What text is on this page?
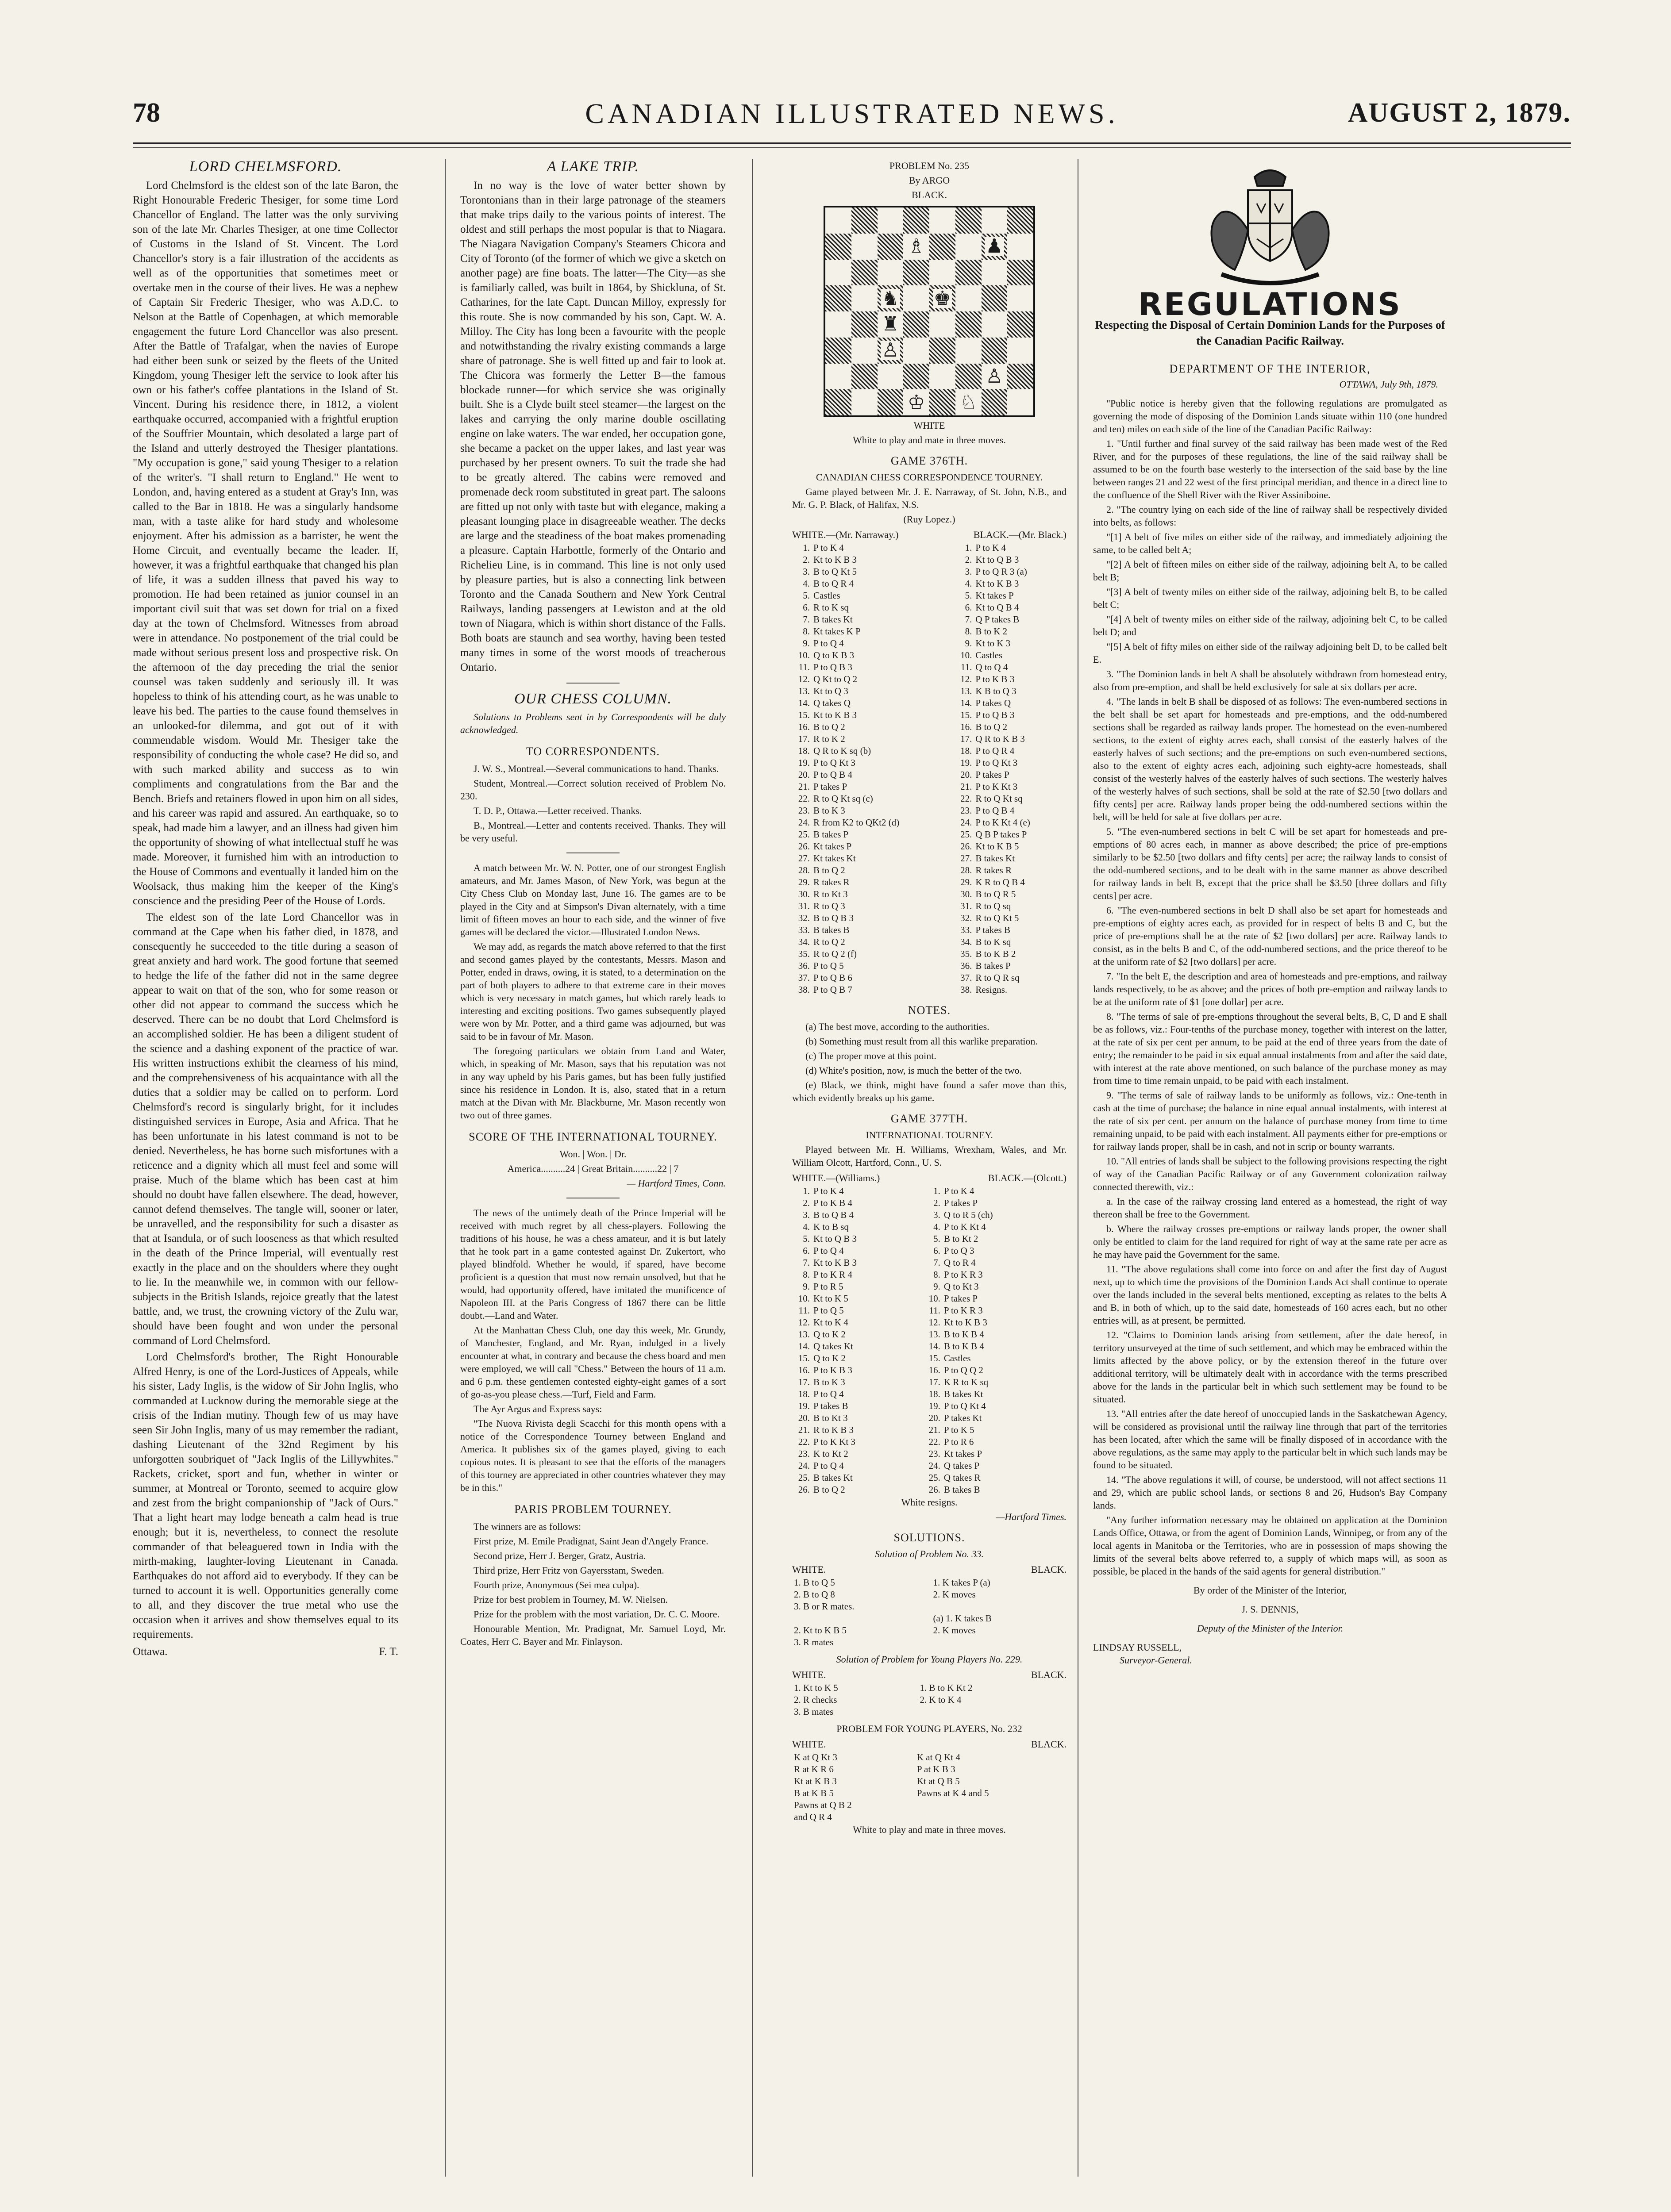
78	CANADIAN ILLUSTRATED NEWS.	AUGUST 2, 1879.
LORD CHELMSFORD.

Lord Chelmsford is the eldest son of the late Baron, the Right Honourable Frederic Thesiger, for some time Lord Chancellor of England. The latter was the only surviving son of the late Mr. Charles Thesiger, at one time Collector of Customs in the Island of St. Vincent. The Lord Chancellor's story is a fair illustration of the accidents as well as of the opportunities that sometimes meet or overtake men in the course of their lives. He was a nephew of Captain Sir Frederic Thesiger, who was A.D.C. to Nelson at the Battle of Copenhagen, at which memorable engagement the future Lord Chancellor was also present. After the Battle of Trafalgar, when the navies of Europe had either been sunk or seized by the fleets of the United Kingdom, young Thesiger left the service to look after his own or his father's coffee plantations in the Island of St. Vincent. During his residence there, in 1812, a violent earthquake occurred, accompanied with a frightful eruption of the Souffrier Mountain, which desolated a large part of the Island and utterly destroyed the Thesiger plantations. "My occupation is gone," said young Thesiger to a relation of the writer's. "I shall return to England." He went to London, and, having entered as a student at Gray's Inn, was called to the Bar in 1818. He was a singularly handsome man, with a taste alike for hard study and wholesome enjoyment. After his admission as a barrister, he went the Home Circuit, and eventually became the leader. If, however, it was a frightful earthquake that changed his plan of life, it was a sudden illness that paved his way to promotion. He had been retained as junior counsel in an important civil suit that was set down for trial on a fixed day at the town of Chelmsford. Witnesses from abroad were in attendance. No postponement of the trial could be made without serious present loss and prospective risk. On the afternoon of the day preceding the trial the senior counsel was taken suddenly and seriously ill. It was hopeless to think of his attending court, as he was unable to leave his bed. The parties to the cause found themselves in an unlooked-for dilemma, and got out of it with commendable wisdom. Would Mr. Thesiger take the responsibility of conducting the whole case? He did so, and with such marked ability and success as to win compliments and congratulations from the Bar and the Bench. Briefs and retainers flowed in upon him on all sides, and his career was rapid and assured. An earthquake, so to speak, had made him a lawyer, and an illness had given him the opportunity of showing of what intellectual stuff he was made. Moreover, it furnished him with an introduction to the House of Commons and eventually it landed him on the Woolsack, thus making him the keeper of the King's conscience and the presiding Peer of the House of Lords.

The eldest son of the late Lord Chancellor was in command at the Cape when his father died, in 1878, and consequently he succeeded to the title during a season of great anxiety and hard work. The good fortune that seemed to hedge the life of the father did not in the same degree appear to wait on that of the son, who for some reason or other did not appear to command the success which he deserved. There can be no doubt that Lord Chelmsford is an accomplished soldier. He has been a diligent student of the science and a dashing exponent of the practice of war. His written instructions exhibit the clearness of his mind, and the comprehensiveness of his acquaintance with all the duties that a soldier may be called on to perform. Lord Chelmsford's record is singularly bright, for it includes distinguished services in Europe, Asia and Africa. That he has been unfortunate in his latest command is not to be denied. Nevertheless, he has borne such misfortunes with a reticence and a dignity which all must feel and some will praise. Much of the blame which has been cast at him should no doubt have fallen elsewhere. The dead, however, cannot defend themselves. The tangle will, sooner or later, be unravelled, and the responsibility for such a disaster as that at Isandula, or of such looseness as that which resulted in the death of the Prince Imperial, will eventually rest exactly in the place and on the shoulders where they ought to lie. In the meanwhile we, in common with our fellow-subjects in the British Islands, rejoice greatly that the latest battle, and, we trust, the crowning victory of the Zulu war, should have been fought and won under the personal command of Lord Chelmsford.

Lord Chelmsford's brother, The Right Honourable Alfred Henry, is one of the Lord-Justices of Appeals, while his sister, Lady Inglis, is the widow of Sir John Inglis, who commanded at Lucknow during the memorable siege at the crisis of the Indian mutiny. Though few of us may have seen Sir John Inglis, many of us may remember the radiant, dashing Lieutenant of the 32nd Regiment by his unforgotten soubriquet of "Jack Inglis of the Lillywhites." Rackets, cricket, sport and fun, whether in winter or summer, at Montreal or Toronto, seemed to acquire glow and zest from the bright companionship of "Jack of Ours." That a light heart may lodge beneath a calm head is true enough; but it is, nevertheless, to connect the resolute commander of that beleaguered town in India with the mirth-making, laughter-loving Lieutenant in Canada. Earthquakes do not afford aid to everybody. If they can be turned to account it is well. Opportunities generally come to all, and they discover the true metal who use the occasion when it arrives and show themselves equal to its requirements.

Ottawa.	F. T.
A LAKE TRIP.

In no way is the love of water better shown by Torontonians than in their large patronage of the steamers that make trips daily to the various points of interest. The oldest and still perhaps the most popular is that to Niagara. The Niagara Navigation Company's Steamers Chicora and City of Toronto (of the former of which we give a sketch on another page) are fine boats. The latter—The City—as she is familiarly called, was built in 1864, by Shickluna, of St. Catharines, for the late Capt. Duncan Milloy, expressly for this route. She is now commanded by his son, Capt. W. A. Milloy. The City has long been a favourite with the people and notwithstanding the rivalry existing commands a large share of patronage. She is well fitted up and fair to look at. The Chicora was formerly the Letter B—the famous blockade runner—for which service she was originally built. She is a Clyde built steel steamer—the largest on the lakes and carrying the only marine double oscillating engine on lake waters. The war ended, her occupation gone, she became a packet on the upper lakes, and last year was purchased by her present owners. To suit the trade she had to be greatly altered. The cabins were removed and promenade deck room substituted in great part. The saloons are fitted up not only with taste but with elegance, making a pleasant lounging place in disagreeable weather. The decks are large and the steadiness of the boat makes promenading a pleasure. Captain Harbottle, formerly of the Ontario and Richelieu Line, is in command. This line is not only used by pleasure parties, but is also a connecting link between Toronto and the Canada Southern and New York Central Railways, landing passengers at Lewiston and at the old town of Niagara, which is within short distance of the Falls. Both boats are staunch and sea worthy, having been tested many times in some of the worst moods of treacherous Ontario.

OUR CHESS COLUMN.

Solutions to Problems sent in by Correspondents will be duly acknowledged.

TO CORRESPONDENTS.

J. W. S., Montreal.—Several communications to hand. Thanks.

Student, Montreal.—Correct solution received of Problem No. 230.

T. D. P., Ottawa.—Letter received. Thanks.

B., Montreal.—Letter and contents received. Thanks. They will be very useful.

A match between Mr. W. N. Potter, one of our strongest English amateurs, and Mr. James Mason, of New York, was begun at the City Chess Club on Monday last, June 16. The games are to be played in the City and at Simpson's Divan alternately, with a time limit of fifteen moves an hour to each side, and the winner of five games will be declared the victor.—Illustrated London News.

We may add, as regards the match above referred to that the first and second games played by the contestants, Messrs. Mason and Potter, ended in draws, owing, it is stated, to a determination on the part of both players to adhere to that extreme care in their moves which is very necessary in match games, but which rarely leads to interesting and exciting positions. Two games subsequently played were won by Mr. Potter, and a third game was adjourned, but was said to be in favour of Mr. Mason.

The foregoing particulars we obtain from Land and Water, which, in speaking of Mr. Mason, says that his reputation was not in any way upheld by his Paris games, but has been fully justified since his residence in London. It is, also, stated that in a return match at the Divan with Mr. Blackburne, Mr. Mason recently won two out of three games.

SCORE OF THE INTERNATIONAL TOURNEY.

Won. | Won. | Dr.

America..........24 | Great Britain..........22 | 7

— Hartford Times, Conn.

The news of the untimely death of the Prince Imperial will be received with much regret by all chess-players. Following the traditions of his house, he was a chess amateur, and it is but lately that he took part in a game contested against Dr. Zukertort, who played blindfold. Whether he would, if spared, have become proficient is a question that must now remain unsolved, but that he would, had opportunity offered, have imitated the munificence of Napoleon III. at the Paris Congress of 1867 there can be little doubt.—Land and Water.

At the Manhattan Chess Club, one day this week, Mr. Grundy, of Manchester, England, and Mr. Ryan, indulged in a lively encounter at what, in contrary and because the chess board and men were employed, we will call "Chess." Between the hours of 11 a.m. and 6 p.m. these gentlemen contested eighty-eight games of a sort of go-as-you please chess.—Turf, Field and Farm.

The Ayr Argus and Express says:

"The Nuova Rivista degli Scacchi for this month opens with a notice of the Correspondence Tourney between England and America. It publishes six of the games played, giving to each copious notes. It is pleasant to see that the efforts of the managers of this tourney are appreciated in other countries whatever they may be in this."

PARIS PROBLEM TOURNEY.

The winners are as follows:

First prize, M. Emile Pradignat, Saint Jean d'Angely France.

Second prize, Herr J. Berger, Gratz, Austria.

Third prize, Herr Fritz von Gayersstam, Sweden.

Fourth prize, Anonymous (Sei mea culpa).

Prize for best problem in Tourney, M. W. Nielsen.

Prize for the problem with the most variation, Dr. C. C. Moore.

Honourable Mention, Mr. Pradignat, Mr. Samuel Loyd, Mr. Coates, Herr C. Bayer and Mr. Finlayson.

PROBLEM No. 235

By ARGO

BLACK.

♗	♟
♞ ♚
♜
♙
♙
♔ ♘

WHITE

White to play and mate in three moves.

GAME 376TH.

CANADIAN CHESS CORRESPONDENCE TOURNEY.

Game played between Mr. J. E. Narraway, of St. John, N.B., and Mr. G. P. Black, of Halifax, N.S.

(Ruy Lopez.)

WHITE.—(Mr. Narraway.)	BLACK.—(Mr. Black.)
1.	P to K 4	1.	P to K 4
2.	Kt to K B 3	2.	Kt to Q B 3
3.	B to Q Kt 5	3.	P to Q R 3 (a)
4.	B to Q R 4	4.	Kt to K B 3
5.	Castles	5.	Kt takes P
6.	R to K sq	6.	Kt to Q B 4
7.	B takes Kt	7.	Q P takes B
8.	Kt takes K P	8.	B to K 2
9.	P to Q 4	9.	Kt to K 3
10.	Q to K B 3	10.	Castles
11.	P to Q B 3	11.	Q to Q 4
12.	Q Kt to Q 2	12.	P to K B 3
13.	Kt to Q 3	13.	K B to Q 3
14.	Q takes Q	14.	P takes Q
15.	Kt to K B 3	15.	P to Q B 3
16.	B to Q 2	16.	B to Q 2
17.	R to K 2	17.	Q R to K B 3
18.	Q R to K sq (b)	18.	P to Q R 4
19.	P to Q Kt 3	19.	P to Q Kt 3
20.	P to Q B 4	20.	P takes P
21.	P takes P	21.	P to K Kt 3
22.	R to Q Kt sq (c)	22.	R to Q Kt sq
23.	B to K 3	23.	P to Q B 4
24.	R from K2 to QKt2 (d)	24.	P to K Kt 4 (e)
25.	B takes P	25.	Q B P takes P
26.	Kt takes P	26.	Kt to K B 5
27.	Kt takes Kt	27.	B takes Kt
28.	B to Q 2	28.	R takes R
29.	R takes R	29.	K R to Q B 4
30.	R to Kt 3	30.	B to Q R 5
31.	R to Q 3	31.	R to Q sq
32.	B to Q B 3	32.	R to Q Kt 5
33.	B takes B	33.	P takes B
34.	R to Q 2	34.	B to K sq
35.	R to Q 2 (f)	35.	B to K B 2
36.	P to Q 5	36.	B takes P
37.	P to Q B 6	37.	R to Q R sq
38.	P to Q B 7	38.	Resigns.
NOTES.

(a) The best move, according to the authorities.

(b) Something must result from all this warlike preparation.

(c) The proper move at this point.

(d) White's position, now, is much the better of the two.

(e) Black, we think, might have found a safer move than this, which evidently breaks up his game.

GAME 377TH.

INTERNATIONAL TOURNEY.

Played between Mr. H. Williams, Wrexham, Wales, and Mr. William Olcott, Hartford, Conn., U. S.

WHITE.—(Williams.)	BLACK.—(Olcott.)
1.	P to K 4	1.	P to K 4
2.	P to K B 4	2.	P takes P
3.	B to Q B 4	3.	Q to R 5 (ch)
4.	K to B sq	4.	P to K Kt 4
5.	Kt to Q B 3	5.	B to Kt 2
6.	P to Q 4	6.	P to Q 3
7.	Kt to K B 3	7.	Q to R 4
8.	P to K R 4	8.	P to K R 3
9.	P to R 5	9.	Q to Kt 3
10.	Kt to K 5	10.	P takes P
11.	P to Q 5	11.	P to K R 3
12.	Kt to K 4	12.	Kt to K B 3
13.	Q to K 2	13.	B to K B 4
14.	Q takes Kt	14.	B to K B 4
15.	Q to K 2	15.	Castles
16.	P to K B 3	16.	P to Q Q 2
17.	B to K 3	17.	K R to K sq
18.	P to Q 4	18.	B takes Kt
19.	P takes B	19.	P to Q Kt 4
20.	B to Kt 3	20.	P takes Kt
21.	R to K B 3	21.	P to K 5
22.	P to K Kt 3	22.	P to R 6
23.	K to Kt 2	23.	Kt takes P
24.	P to Q 4	24.	Q takes P
25.	B takes Kt	25.	Q takes R
26.	B to Q 2	26.	B takes B

White resigns.

—Hartford Times.

SOLUTIONS.

Solution of Problem No. 33.

WHITE.	BLACK.
1. B to Q 5	1. K takes P (a)
2. B to Q 8	2. K moves
3. B or R mates.	
	(a) 1. K takes B
2. Kt to K B 5	2. K moves
3. R mates	

Solution of Problem for Young Players No. 229.

WHITE.	BLACK.
1. Kt to K 5	1. B to K Kt 2
2. R checks	2. K to K 4
3. B mates	

PROBLEM FOR YOUNG PLAYERS, No. 232

WHITE.	BLACK.
K at Q Kt 3	K at Q Kt 4
R at K R 6	P at K B 3
Kt at K B 3	Kt at Q B 5
B at K B 5	Pawns at K 4 and 5
Pawns at Q B 2	
and Q R 4	

White to play and mate in three moves.

REGULATIONS
Respecting the Disposal of Certain Dominion Lands for the Purposes of the Canadian Pacific Railway.
DEPARTMENT OF THE INTERIOR,
OTTAWA, July 9th, 1879.

"Public notice is hereby given that the following regulations are promulgated as governing the mode of disposing of the Dominion Lands situate within 110 (one hundred and ten) miles on each side of the line of the Canadian Pacific Railway:

1. "Until further and final survey of the said railway has been made west of the Red River, and for the purposes of these regulations, the line of the said railway shall be assumed to be on the fourth base westerly to the intersection of the said base by the line between ranges 21 and 22 west of the first principal meridian, and thence in a direct line to the confluence of the Shell River with the River Assiniboine.

2. "The country lying on each side of the line of railway shall be respectively divided into belts, as follows:

"[1] A belt of five miles on either side of the railway, and immediately adjoining the same, to be called belt A;

"[2] A belt of fifteen miles on either side of the railway, adjoining belt A, to be called belt B;

"[3] A belt of twenty miles on either side of the railway, adjoining belt B, to be called belt C;

"[4] A belt of twenty miles on either side of the railway, adjoining belt C, to be called belt D; and

"[5] A belt of fifty miles on either side of the railway adjoining belt D, to be called belt E.

3. "The Dominion lands in belt A shall be absolutely withdrawn from homestead entry, also from pre-emption, and shall be held exclusively for sale at six dollars per acre.

4. "The lands in belt B shall be disposed of as follows: The even-numbered sections in the belt shall be set apart for homesteads and pre-emptions, and the odd-numbered sections shall be regarded as railway lands proper. The homestead on the even-numbered sections, to the extent of eighty acres each, shall consist of the easterly halves of the easterly halves of such sections; and the pre-emptions on such even-numbered sections, also to the extent of eighty acres each, adjoining such eighty-acre homesteads, shall consist of the westerly halves of the easterly halves of such sections. The westerly halves of the westerly halves of such sections, shall be sold at the rate of $2.50 [two dollars and fifty cents] per acre. Railway lands proper being the odd-numbered sections within the belt, will be held for sale at five dollars per acre.

5. "The even-numbered sections in belt C will be set apart for homesteads and pre-emptions of 80 acres each, in manner as above described; the price of pre-emptions similarly to be $2.50 [two dollars and fifty cents] per acre; the railway lands to consist of the odd-numbered sections, and to be dealt with in the same manner as above described for railway lands in belt B, except that the price shall be $3.50 [three dollars and fifty cents] per acre.

6. "The even-numbered sections in belt D shall also be set apart for homesteads and pre-emptions of eighty acres each, as provided for in respect of belts B and C, but the price of pre-emptions shall be at the rate of $2 [two dollars] per acre. Railway lands to consist, as in the belts B and C, of the odd-numbered sections, and the price thereof to be at the uniform rate of $2 [two dollars] per acre.

7. "In the belt E, the description and area of homesteads and pre-emptions, and railway lands respectively, to be as above; and the prices of both pre-emption and railway lands to be at the uniform rate of $1 [one dollar] per acre.

8. "The terms of sale of pre-emptions throughout the several belts, B, C, D and E shall be as follows, viz.: Four-tenths of the purchase money, together with interest on the latter, at the rate of six per cent per annum, to be paid at the end of three years from the date of entry; the remainder to be paid in six equal annual instalments from and after the said date, with interest at the rate above mentioned, on such balance of the purchase money as may from time to time remain unpaid, to be paid with each instalment.

9. "The terms of sale of railway lands to be uniformly as follows, viz.: One-tenth in cash at the time of purchase; the balance in nine equal annual instalments, with interest at the rate of six per cent. per annum on the balance of purchase money from time to time remaining unpaid, to be paid with each instalment. All payments either for pre-emptions or for railway lands proper, shall be in cash, and not in scrip or bounty warrants.

10. "All entries of lands shall be subject to the following provisions respecting the right of way of the Canadian Pacific Railway or of any Government colonization railway connected therewith, viz.:

a. In the case of the railway crossing land entered as a homestead, the right of way thereon shall be free to the Government.

b. Where the railway crosses pre-emptions or railway lands proper, the owner shall only be entitled to claim for the land required for right of way at the same rate per acre as he may have paid the Government for the same.

11. "The above regulations shall come into force on and after the first day of August next, up to which time the provisions of the Dominion Lands Act shall continue to operate over the lands included in the several belts mentioned, excepting as relates to the belts A and B, in both of which, up to the said date, homesteads of 160 acres each, but no other entries will, as at present, be permitted.

12. "Claims to Dominion lands arising from settlement, after the date hereof, in territory unsurveyed at the time of such settlement, and which may be embraced within the limits affected by the above policy, or by the extension thereof in the future over additional territory, will be ultimately dealt with in accordance with the terms prescribed above for the lands in the particular belt in which such settlement may be found to be situated.

13. "All entries after the date hereof of unoccupied lands in the Saskatchewan Agency, will be considered as provisional until the railway line through that part of the territories has been located, after which the same will be finally disposed of in accordance with the above regulations, as the same may apply to the particular belt in which such lands may be found to be situated.

14. "The above regulations it will, of course, be understood, will not affect sections 11 and 29, which are public school lands, or sections 8 and 26, Hudson's Bay Company lands.

"Any further information necessary may be obtained on application at the Dominion Lands Office, Ottawa, or from the agent of Dominion Lands, Winnipeg, or from any of the local agents in Manitoba or the Territories, who are in possession of maps showing the limits of the several belts above referred to, a supply of which maps will, as soon as possible, be placed in the hands of the said agents for general distribution."

By order of the Minister of the Interior,
J. S. DENNIS,
Deputy of the Minister of the Interior.
LINDSAY RUSSELL,
Surveyor-General.
